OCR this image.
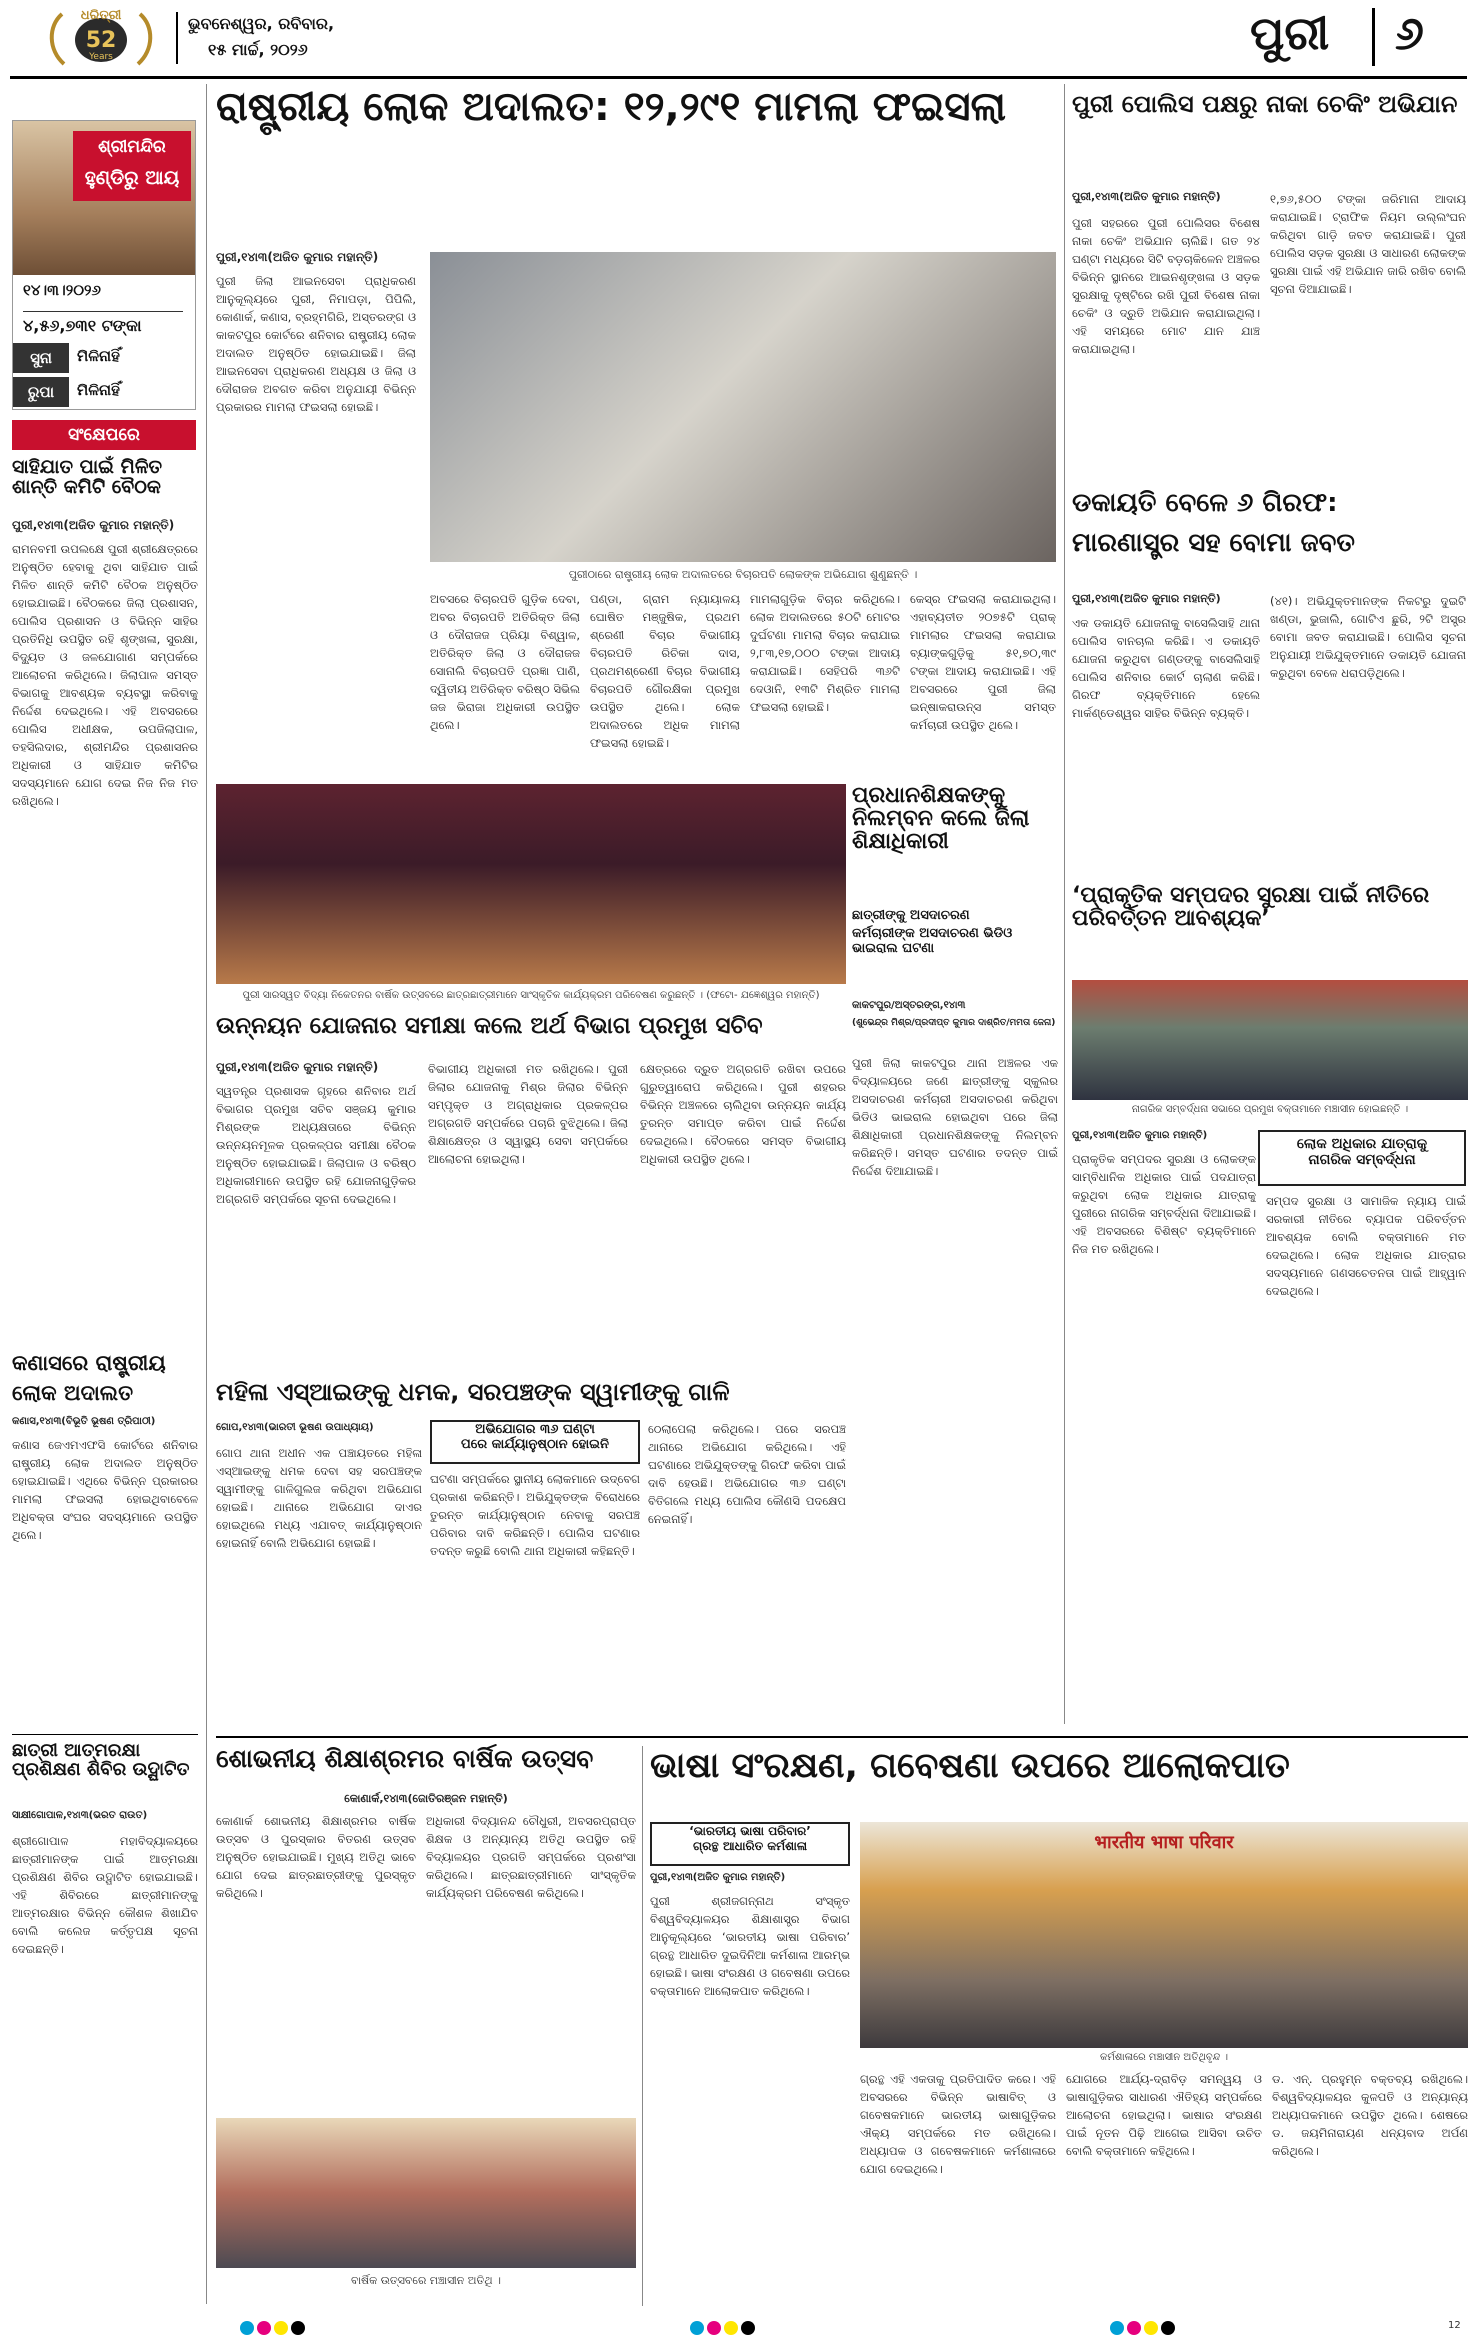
ଧରିତ୍ରୀ
52
Years
ଭୁବନେଶ୍ୱର, ରବିବାର,
୧୫ ମାର୍ଚ୍ଚ, ୨୦୨୬	ପୁରୀ ୬
ଶ୍ରୀମନ୍ଦିର
ହୁଣ୍ଡିରୁ ଆୟ
୧୪।୩।୨୦୨୬
୪,୫୬,୭୩୧ ଟଙ୍କା
ସୁନା	ମିଳିନାହିଁ
ରୁପା	ମିଳିନାହିଁ
ସଂକ୍ଷେପରେ
ସାହିଯାତ ପାଇଁ ମିଳିତ ଶାନ୍ତି କମିଟି ବୈଠକ
ପୁରୀ,୧୪ା୩(ଅଜିତ କୁମାର ମହାନ୍ତି)
ରାମନବମୀ ଉପଲକ୍ଷେ ପୁରୀ ଶ୍ରୀକ୍ଷେତ୍ରରେ ଅନୁଷ୍ଠିତ ହେବାକୁ ଥିବା ସାହିଯାତ ପାଇଁ ମିଳିତ ଶାନ୍ତି କମିଟି ବୈଠକ ଅନୁଷ୍ଠିତ ହୋଇଯାଇଛି। ବୈଠକରେ ଜିଲା ପ୍ରଶାସନ, ପୋଲିସ ପ୍ରଶାସନ ଓ ବିଭିନ୍ନ ସାହିର ପ୍ରତିନିଧି ଉପସ୍ଥିତ ରହି ଶୃଙ୍ଖଳା, ସୁରକ୍ଷା, ବିଦ୍ୟୁତ ଓ ଜଳଯୋଗାଣ ସମ୍ପର୍କରେ ଆଲୋଚନା କରିଥିଲେ। ଜିଲାପାଳ ସମସ୍ତ ବିଭାଗକୁ ଆବଶ୍ୟକ ବ୍ୟବସ୍ଥା କରିବାକୁ ନିର୍ଦ୍ଦେଶ ଦେଇଥିଲେ। ଏହି ଅବସରରେ ପୋଲିସ ଅଧୀକ୍ଷକ, ଉପଜିଲାପାଳ, ତହସିଲଦାର, ଶ୍ରୀମନ୍ଦିର ପ୍ରଶାସନର ଅଧିକାରୀ ଓ ସାହିଯାତ କମିଟିର ସଦସ୍ୟମାନେ ଯୋଗ ଦେଇ ନିଜ ନିଜ ମତ ରଖିଥିଲେ।
କଣାସରେ ରାଷ୍ଟ୍ରୀୟ
ଲୋକ ଅଦାଲତ
କଣାସ,୧୪ା୩(ବିଭୂତି ଭୂଷଣ ତ୍ରିପାଠୀ)
କଣାସ ଜେଏମଏଫସି କୋର୍ଟରେ ଶନିବାର ରାଷ୍ଟ୍ରୀୟ ଲୋକ ଅଦାଲତ ଅନୁଷ୍ଠିତ ହୋଇଯାଇଛି। ଏଥିରେ ବିଭିନ୍ନ ପ୍ରକାରର ମାମଲା ଫଇସଲା ହୋଇଥିବାବେଳେ ଅଧିବକ୍ତା ସଂଘର ସଦସ୍ୟମାନେ ଉପସ୍ଥିତ ଥିଲେ।
ଛାତ୍ରୀ ଆତ୍ମରକ୍ଷା ପ୍ରଶିକ୍ଷଣ ଶିବିର ଉଦ୍ଘାଟିତ
ସାକ୍ଷୀଗୋପାଳ,୧୪ା୩(ଭରତ ରାଉତ)
ଶ୍ରୀଗୋପାଳ ମହାବିଦ୍ୟାଳୟରେ ଛାତ୍ରୀମାନଙ୍କ ପାଇଁ ଆତ୍ମରକ୍ଷା ପ୍ରଶିକ୍ଷଣ ଶିବିର ଉଦ୍ଘାଟିତ ହୋଇଯାଇଛି। ଏହି ଶିବିରରେ ଛାତ୍ରୀମାନଙ୍କୁ ଆତ୍ମରକ୍ଷାର ବିଭିନ୍ନ କୌଶଳ ଶିଖାଯିବ ବୋଲି କଲେଜ କର୍ତ୍ତୃପକ୍ଷ ସୂଚନା ଦେଇଛନ୍ତି।
ରାଷ୍ଟ୍ରୀୟ ଲୋକ ଅଦାଲତ: ୧୨,୨୯୧ ମାମଲା ଫଇସଲା
ପୁରୀ,୧୪ା୩(ଅଜିତ କୁମାର ମହାନ୍ତି)
ପୁରୀ ଜିଲା ଆଇନସେବା ପ୍ରାଧିକରଣ ଆନୁକୂଲ୍ୟରେ ପୁରୀ, ନିମାପଡ଼ା, ପିପିଲି, କୋଣାର୍କ, କଣାସ, ବ୍ରହ୍ମଗିରି, ଅସ୍ତରଙ୍ଗ ଓ କାକଟପୁର କୋର୍ଟରେ ଶନିବାର ରାଷ୍ଟ୍ରୀୟ ଲୋକ ଅଦାଲତ ଅନୁଷ୍ଠିତ ହୋଇଯାଇଛି। ଜିଲା ଆଇନସେବା ପ୍ରାଧିକରଣ ଅଧ୍ୟକ୍ଷ ଓ ଜିଲା ଓ ଦୌରାଜଜ ଅବଗତ କରିବା ଅନୁଯାୟୀ ବିଭିନ୍ନ ପ୍ରକାରର ମାମଲା ଫଇସଲା ହୋଇଛି।
ପୁରୀଠାରେ ରାଷ୍ଟ୍ରୀୟ ଲୋକ ଅଦାଲତରେ ବିଚାରପତି ଲୋକଙ୍କ ଅଭିଯୋଗ ଶୁଣୁଛନ୍ତି ।
ଅବସରେ ବିଚାରପତି ଗୁଡ଼ିକ ଦେବା, ଅବର ବିଚାରପତି ଅତିରିକ୍ତ ଜିଲା ଓ ଦୌରାଜଜ ପ୍ରିୟା ବିଶ୍ୱାଳ, ଅତିରିକ୍ତ ଜିଲା ଓ ଦୌରାଜଜ ସୋନାଲି ବିଚାରପତି ପ୍ରଜ୍ଞା ପାଣି, ଦ୍ୱିତୀୟ ଅତିରିକ୍ତ ବରିଷ୍ଠ ସିଭିଲ ଜଜ ଭିରାଜା ଅଧିକାରୀ ଉପସ୍ଥିତ ଥିଲେ।
ପଣ୍ଡା, ଗ୍ରାମ ନ୍ୟାୟାଳୟ ଘୋଷିତ ମଞ୍ଜୁଷିକ, ପ୍ରଥମ ଶ୍ରେଣୀ ବିଚାର ବିଭାଗୀୟ ବିଚାରପତି ରିଚିକା ଦାସ, ପ୍ରଥମଶ୍ରେଣୀ ବିଚାର ବିଭାଗୀୟ ବିଚାରପତି ଗୌରକ୍ଷିକା ପ୍ରମୁଖ ଉପସ୍ଥିତ ଥିଲେ। ଲୋକ ଅଦାଲତରେ ଅଧିକ ମାମଲା ଫଇସଲା ହୋଇଛି।
ମାମଲାଗୁଡ଼ିକ ବିଚାର କରିଥିଲେ। ଲୋକ ଅଦାଲତରେ ୫୦ଟି ମୋଟର ଦୁର୍ଘଟଣା ମାମଲା ବିଚାର କରାଯାଇ ୨,୮୩,୧୭,୦୦୦ ଟଙ୍କା ଆଦାୟ କରାଯାଇଛି। ସେହିପରି ୩୬ଟି ଦେଓାନି, ୧୩ଟି ମିଶ୍ରିତ ମାମଲା ଫଇସଲା ହୋଇଛି।
କେସ୍ର ଫଇସଲା କରାଯାଇଥିଲା। ଏହାବ୍ୟତୀତ ୨୦୭୫ଟି ପ୍ରାକ୍ ମାମଲାର ଫଇସଲା କରାଯାଇ ବ୍ୟାଙ୍କଗୁଡ଼ିକୁ ୫୧,୭୦,୩୯ ଟଙ୍କା ଆଦାୟ କରାଯାଇଛି। ଏହି ଅବସରରେ ପୁରୀ ଜିଲା ଇନ୍ଷାକରାଉନ୍ସ ସମସ୍ତ କର୍ମଚାରୀ ଉପସ୍ଥିତ ଥିଲେ।
ପୁରୀ ସାରସ୍ୱତ ବିଦ୍ୟା ନିକେତନର ବାର୍ଷିକ ଉତ୍ସବରେ ଛାତ୍ରଛାତ୍ରୀମାନେ ସାଂସ୍କୃତିକ କାର୍ଯ୍ୟକ୍ରମ ପରିବେଷଣ କରୁଛନ୍ତି । (ଫଟୋ- ଯଜ୍ଞେଶ୍ୱର ମହାନ୍ତି)
ପ୍ରଧାନଶିକ୍ଷକଙ୍କୁ ନିଲମ୍ବନ କଲେ ଜିଲା ଶିକ୍ଷାଧିକାରୀ
ଛାତ୍ରୀଙ୍କୁ ଅସଦାଚରଣ
କର୍ମଚାରୀଙ୍କ ଅସଦାଚରଣ ଭିଡିଓ ଭାଇରାଲ ଘଟଣା
କାକଟପୁର/ଅସ୍ତରଙ୍ଗ,୧୪ା୩
(ଶୁଭେନ୍ଦ୍ର ମିଶ୍ର/ପ୍ରଦୀପ୍ତ କୁମାର ଦାଶ୍ରିତ/ମମତା ଜେନା)
ପୁରୀ ଜିଲା କାକଟପୁର ଥାନା ଅଞ୍ଚଳର ଏକ ବିଦ୍ୟାଳୟରେ ଜଣେ ଛାତ୍ରୀଙ୍କୁ ସ୍କୁଲର ଅସଦାଚରଣ କର୍ମଚାରୀ ଅସଦାଚରଣ କରିଥିବା ଭିଡିଓ ଭାଇରାଲ ହୋଇଥିବା ପରେ ଜିଲା ଶିକ୍ଷାଧିକାରୀ ପ୍ରଧାନଶିକ୍ଷକଙ୍କୁ ନିଲମ୍ବନ କରିଛନ୍ତି। ସମସ୍ତ ଘଟଣାର ତଦନ୍ତ ପାଇଁ ନିର୍ଦ୍ଦେଶ ଦିଆଯାଇଛି।
ଉନ୍ନୟନ ଯୋଜନାର ସମୀକ୍ଷା କଲେ ଅର୍ଥ ବିଭାଗ ପ୍ରମୁଖ ସଚିବ
ପୁରୀ,୧୪ା୩(ଅଜିତ କୁମାର ମହାନ୍ତି)
ସ୍ୱତନ୍ତ୍ର ପ୍ରଶାସକ ଗୃହରେ ଶନିବାର ଅର୍ଥ ବିଭାଗର ପ୍ରମୁଖ ସଚିବ ସଞ୍ଜୟ କୁମାର ମିଶ୍ରଙ୍କ ଅଧ୍ୟକ୍ଷତାରେ ବିଭିନ୍ନ ଉନ୍ନୟନମୂଳକ ପ୍ରକଳ୍ପର ସମୀକ୍ଷା ବୈଠକ ଅନୁଷ୍ଠିତ ହୋଇଯାଇଛି। ଜିଲାପାଳ ଓ ବରିଷ୍ଠ ଅଧିକାରୀମାନେ ଉପସ୍ଥିତ ରହି ଯୋଜନାଗୁଡ଼ିକର ଅଗ୍ରଗତି ସମ୍ପର୍କରେ ସୂଚନା ଦେଇଥିଲେ।
ବିଭାଗୀୟ ଅଧିକାରୀ ମତ ରଖିଥିଲେ। ପୁରୀ ଜିଲାର ଯୋଜନାକୁ ମିଶ୍ର ଜିଲାର ବିଭିନ୍ନ ସମ୍ପୃକ୍ତ ଓ ଅଗ୍ରାଧିକାର ପ୍ରକଳ୍ପର ଅଗ୍ରଗତି ସମ୍ପର୍କରେ ପଚାରି ବୁଝିଥିଲେ। ଜିଲା ଶିକ୍ଷାକ୍ଷେତ୍ର ଓ ସ୍ୱାସ୍ଥ୍ୟ ସେବା ସମ୍ପର୍କରେ ଆଲୋଚନା ହୋଇଥିଲା।
କ୍ଷେତ୍ରରେ ଦ୍ରୁତ ଅଗ୍ରଗତି ରଖିବା ଉପରେ ଗୁରୁତ୍ୱାରୋପ କରିଥିଲେ। ପୁରୀ ଶହରର ବିଭିନ୍ନ ଅଞ୍ଚଳରେ ଚାଲିଥିବା ଉନ୍ନୟନ କାର୍ଯ୍ୟ ତୁରନ୍ତ ସମାପ୍ତ କରିବା ପାଇଁ ନିର୍ଦ୍ଦେଶ ଦେଇଥିଲେ। ବୈଠକରେ ସମସ୍ତ ବିଭାଗୀୟ ଅଧିକାରୀ ଉପସ୍ଥିତ ଥିଲେ।
ମହିଳା ଏସ୍ଆଇଙ୍କୁ ଧମକ, ସରପଞ୍ଚଙ୍କ ସ୍ୱାମୀଙ୍କୁ ଗାଳି
ଗୋପ,୧୪ା୩(ଭାରତୀ ଭୂଷଣ ଉପାଧ୍ୟାୟ)	ଅଭିଯୋଗର ୩୬ ଘଣ୍ଟା
ପରେ କାର୍ଯ୍ୟାନୁଷ୍ଠାନ ହୋଇନି
ଗୋପ ଥାନା ଅଧୀନ ଏକ ପଞ୍ଚାୟତରେ ମହିଳା ଏସ୍ଆଇଙ୍କୁ ଧମକ ଦେବା ସହ ସରପଞ୍ଚଙ୍କ ସ୍ୱାମୀଙ୍କୁ ଗାଳିଗୁଲଜ କରିଥିବା ଅଭିଯୋଗ ହୋଇଛି। ଥାନାରେ ଅଭିଯୋଗ ଦାଏର ହୋଇଥିଲେ ମଧ୍ୟ ଏଯାବତ୍ କାର୍ଯ୍ୟାନୁଷ୍ଠାନ ହୋଇନାହିଁ ବୋଲି ଅଭିଯୋଗ ହୋଇଛି।
ଘଟଣା ସମ୍ପର୍କରେ ସ୍ଥାନୀୟ ଲୋକମାନେ ଉଦ୍ବେଗ ପ୍ରକାଶ କରିଛନ୍ତି। ଅଭିଯୁକ୍ତଙ୍କ ବିରୋଧରେ ତୁରନ୍ତ କାର୍ଯ୍ୟାନୁଷ୍ଠାନ ନେବାକୁ ସରପଞ୍ଚ ପରିବାର ଦାବି କରିଛନ୍ତି। ପୋଲିସ ଘଟଣାର ତଦନ୍ତ କରୁଛି ବୋଲି ଥାନା ଅଧିକାରୀ କହିଛନ୍ତି।
ଠେଲାପେଲା କରିଥିଲେ। ପରେ ସରପଞ୍ଚ ଥାନାରେ ଅଭିଯୋଗ କରିଥିଲେ। ଏହି ଘଟଣାରେ ଅଭିଯୁକ୍ତଙ୍କୁ ଗିରଫ କରିବା ପାଇଁ ଦାବି ହେଉଛି। ଅଭିଯୋଗର ୩୬ ଘଣ୍ଟା ବିତିଗଲେ ମଧ୍ୟ ପୋଲିସ କୌଣସି ପଦକ୍ଷେପ ନେଇନାହିଁ।
ପୁରୀ ପୋଲିସ ପକ୍ଷରୁ ନାକା ଚେକିଂ ଅଭିଯାନ
ପୁରୀ,୧୪ା୩(ଅଜିତ କୁମାର ମହାନ୍ତି)
ପୁରୀ ସହରରେ ପୁରୀ ପୋଲିସର ବିଶେଷ ନାକା ଚେକିଂ ଅଭିଯାନ ଚାଲିଛି। ଗତ ୨୪ ଘଣ୍ଟା ମଧ୍ୟରେ ସିଟି ବଡ଼ଚାକିଳେନ ଅଞ୍ଚଳର ବିଭିନ୍ନ ସ୍ଥାନରେ ଆଇନଶୃଙ୍ଖଳା ଓ ସଡ଼କ ସୁରକ୍ଷାକୁ ଦୃଷ୍ଟିରେ ରଖି ପୁରୀ ବିଶେଷ ନାକା ଚେକିଂ ଓ ଦ୍ରୁତି ଅଭିଯାନ କରାଯାଇଥିଲା। ଏହି ସମୟରେ ମୋଟ ଯାନ ଯାଞ୍ଚ କରାଯାଇଥିଲା।
୧,୭୬,୫୦୦ ଟଙ୍କା ଜରିମାନା ଆଦାୟ କରାଯାଇଛି। ଟ୍ରାଫିକ ନିୟମ ଉଲ୍ଲଂଘନ କରିଥିବା ଗାଡ଼ି ଜବତ କରାଯାଇଛି। ପୁରୀ ପୋଲିସ ସଡ଼କ ସୁରକ୍ଷା ଓ ସାଧାରଣ ଲୋକଙ୍କ ସୁରକ୍ଷା ପାଇଁ ଏହି ଅଭିଯାନ ଜାରି ରଖିବ ବୋଲି ସୂଚନା ଦିଆଯାଇଛି।
ଡକାୟତି ବେଳେ ୬ ଗିରଫ:
ମାରଣାସ୍ତ୍ର ସହ ବୋମା ଜବତ
ପୁରୀ,୧୪ା୩(ଅଜିତ କୁମାର ମହାନ୍ତି)
ଏକ ଡକାୟତି ଯୋଜନାକୁ ବାସେଲିସାହି ଥାନା ପୋଲିସ ବାନଚାଲ କରିଛି। ଏ ଡକାୟତି ଯୋଜନା କରୁଥିବା ଗଣ୍ଡଙ୍କୁ ବାସେଲିସାହି ପୋଲିସ ଶନିବାର କୋର୍ଟ ଚାଲାଣ କରିଛି। ଗିରଫ ବ୍ୟକ୍ତିମାନେ ହେଲେ ମାର୍କଣ୍ଡେଶ୍ୱର ସାହିର ବିଭିନ୍ନ ବ୍ୟକ୍ତି।
(୪୧)। ଅଭିଯୁକ୍ତମାନଙ୍କ ନିକଟରୁ ଦୁଇଟି ଖଣ୍ଡା, ଭୁଜାଲି, ଗୋଟିଏ ଛୁରି, ୨ଟି ଅସ୍ତ୍ର ବୋମା ଜବତ କରାଯାଇଛି। ପୋଲିସ ସୂଚନା ଅନୁଯାୟୀ ଅଭିଯୁକ୍ତମାନେ ଡକାୟତି ଯୋଜନା କରୁଥିବା ବେଳେ ଧରାପଡ଼ିଥିଲେ।
‘ପ୍ରାକୃତିକ ସମ୍ପଦର ସୁରକ୍ଷା ପାଇଁ ନୀତିରେ ପରିବର୍ତ୍ତନ ଆବଶ୍ୟକ’
ନାଗରିକ ସମ୍ବର୍ଦ୍ଧନା ସଭାରେ ପ୍ରମୁଖ ବକ୍ତାମାନେ ମଞ୍ଚାସୀନ ହୋଇଛନ୍ତି ।
ଲୋକ ଅଧିକାର ଯାତ୍ରାକୁ
ନାଗରିକ ସମ୍ବର୍ଦ୍ଧନା
ପୁରୀ,୧୪ା୩(ଅଜିତ କୁମାର ମହାନ୍ତି)
ପ୍ରାକୃତିକ ସମ୍ପଦର ସୁରକ୍ଷା ଓ ଲୋକଙ୍କ ସାମ୍ବିଧାନିକ ଅଧିକାର ପାଇଁ ପଦଯାତ୍ରା କରୁଥିବା ଲୋକ ଅଧିକାର ଯାତ୍ରାକୁ ପୁରୀରେ ନାଗରିକ ସମ୍ବର୍ଦ୍ଧନା ଦିଆଯାଇଛି। ଏହି ଅବସରରେ ବିଶିଷ୍ଟ ବ୍ୟକ୍ତିମାନେ ନିଜ ମତ ରଖିଥିଲେ।
ସମ୍ପଦ ସୁରକ୍ଷା ଓ ସାମାଜିକ ନ୍ୟାୟ ପାଇଁ ସରକାରୀ ନୀତିରେ ବ୍ୟାପକ ପରିବର୍ତ୍ତନ ଆବଶ୍ୟକ ବୋଲି ବକ୍ତାମାନେ ମତ ଦେଇଥିଲେ। ଲୋକ ଅଧିକାର ଯାତ୍ରାର ସଦସ୍ୟମାନେ ଗଣସଚେତନତା ପାଇଁ ଆହ୍ୱାନ ଦେଇଥିଲେ।
ଶୋଭନୀୟ ଶିକ୍ଷାଶ୍ରମର ବାର୍ଷିକ ଉତ୍ସବ
କୋଣାର୍କ,୧୪ା୩(ଜୋତିରଞ୍ଜନ ମହାନ୍ତି)
କୋଣାର୍କ ଶୋଭନୀୟ ଶିକ୍ଷାଶ୍ରମର ବାର୍ଷିକ ଉତ୍ସବ ଓ ପୁରସ୍କାର ବିତରଣ ଉତ୍ସବ ଅନୁଷ୍ଠିତ ହୋଇଯାଇଛି। ମୁଖ୍ୟ ଅତିଥି ଭାବେ ଯୋଗ ଦେଇ ଛାତ୍ରଛାତ୍ରୀଙ୍କୁ ପୁରସ୍କୃତ କରିଥିଲେ।
ଅଧିକାରୀ ବିଦ୍ୟାନନ୍ଦ ଚୌଧୁରୀ, ଅବସରପ୍ରାପ୍ତ ଶିକ୍ଷକ ଓ ଅନ୍ୟାନ୍ୟ ଅତିଥି ଉପସ୍ଥିତ ରହି ବିଦ୍ୟାଳୟର ପ୍ରଗତି ସମ୍ପର୍କରେ ପ୍ରଶଂସା କରିଥିଲେ। ଛାତ୍ରଛାତ୍ରୀମାନେ ସାଂସ୍କୃତିକ କାର୍ଯ୍ୟକ୍ରମ ପରିବେଷଣ କରିଥିଲେ।
ବାର୍ଷିକ ଉତ୍ସବରେ ମଞ୍ଚାସୀନ ଅତିଥି ।
ଭାଷା ସଂରକ୍ଷଣ, ଗବେଷଣା ଉପରେ ଆଲୋକପାତ
‘ଭାରତୀୟ ଭାଷା ପରିବାର’
ଗ୍ରନ୍ଥ ଆଧାରିତ କର୍ମଶାଳା
ପୁରୀ,୧୪ା୩(ଅଜିତ କୁମାର ମହାନ୍ତି)
ପୁରୀ ଶ୍ରୀଜଗନ୍ନାଥ ସଂସ୍କୃତ ବିଶ୍ୱବିଦ୍ୟାଳୟର ଶିକ୍ଷାଶାସ୍ତ୍ର ବିଭାଗ ଆନୁକୂଲ୍ୟରେ ‘ଭାରତୀୟ ଭାଷା ପରିବାର’ ଗ୍ରନ୍ଥ ଆଧାରିତ ଦୁଇଦିନିଆ କର୍ମଶାଳା ଆରମ୍ଭ ହୋଇଛି। ଭାଷା ସଂରକ୍ଷଣ ଓ ଗବେଷଣା ଉପରେ ବକ୍ତାମାନେ ଆଲୋକପାତ କରିଥିଲେ।
भारतीय भाषा परिवार
କର୍ମଶାଳାରେ ମଞ୍ଚାସୀନ ଅତିଥିବୃନ୍ଦ ।
ଗ୍ରନ୍ଥ ଏହି ଏକତାକୁ ପ୍ରତିପାଦିତ କରେ। ଏହି ଅବସରରେ ବିଭିନ୍ନ ଭାଷାବିତ୍ ଓ ଗବେଷକମାନେ ଭାରତୀୟ ଭାଷାଗୁଡ଼ିକର ଐକ୍ୟ ସମ୍ପର୍କରେ ମତ ରଖିଥିଲେ। ଅଧ୍ୟାପକ ଓ ଗବେଷକମାନେ କର୍ମଶାଳାରେ ଯୋଗ ଦେଇଥିଲେ।
ଯୋଗରେ ଆର୍ଯ୍ୟ-ଦ୍ରାବିଡ଼ ସମନ୍ୱୟ ଓ ଭାଷାଗୁଡ଼ିକର ସାଧାରଣ ଐତିହ୍ୟ ସମ୍ପର୍କରେ ଆଲୋଚନା ହୋଇଥିଲା। ଭାଷାର ସଂରକ୍ଷଣ ପାଇଁ ନୂତନ ପିଢ଼ି ଆଗେଇ ଆସିବା ଉଚିତ ବୋଲି ବକ୍ତାମାନେ କହିଥିଲେ।
ଡ. ଏନ୍. ପ୍ରହୁମ୍ନ ବକ୍ତବ୍ୟ ରଖିଥିଲେ। ବିଶ୍ୱବିଦ୍ୟାଳୟର କୁଳପତି ଓ ଅନ୍ୟାନ୍ୟ ଅଧ୍ୟାପକମାନେ ଉପସ୍ଥିତ ଥିଲେ। ଶେଷରେ ଡ. ଜୟମିନାରାୟଣ ଧନ୍ୟବାଦ ଅର୍ପଣ କରିଥିଲେ।
12
